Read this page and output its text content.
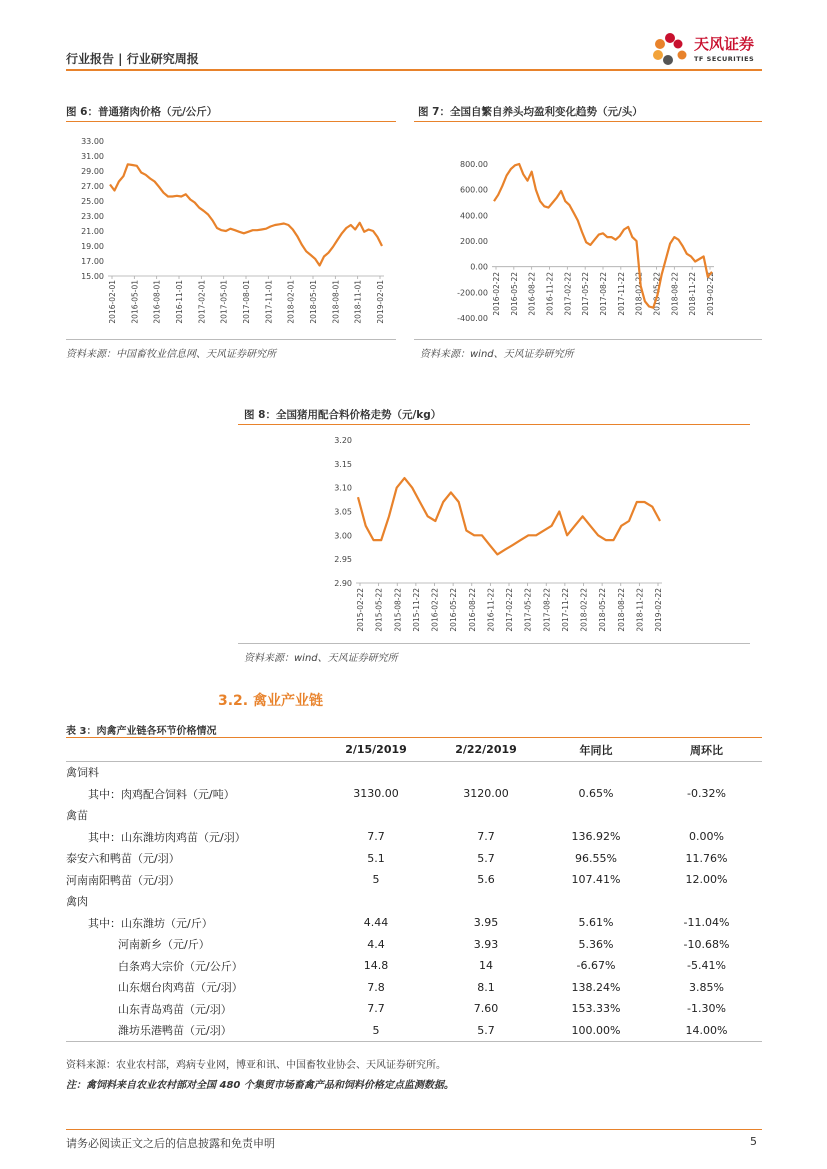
行业报告 | 行业研究周报
天风证券
TF SECURITIES
图 6：普通猪肉价格（元/公斤）
33.00
31.00
29.00
27.00
25.00
23.00
21.00
19.00
17.00
15.00
2016-02-01 2016-05-01 2016-08-01 2016-11-01 2017-02-01 2017-05-01 2017-08-01 2017-11-01 2018-02-01 2018-05-01 2018-08-01 2018-11-01 2019-02-01
资料来源：中国畜牧业信息网、天风证券研究所
图 7：全国自繁自养头均盈利变化趋势（元/头）
800.00
600.00
400.00
200.00
0.00
-200.00
-400.00
2016-02-22 2016-05-22 2016-08-22 2016-11-22 2017-02-22 2017-05-22 2017-08-22 2017-11-22 2018-02-22 2018-05-22 2018-08-22 2018-11-22 2019-02-22
资料来源：wind、天风证券研究所
图 8：全国猪用配合料价格走势（元/kg）
3.20
3.15
3.10
3.05
3.00
2.95
2.90
2015-02-22 2015-05-22 2015-08-22 2015-11-22 2016-02-22 2016-05-22 2016-08-22 2016-11-22 2017-02-22 2017-05-22 2017-08-22 2017-11-22 2018-02-22 2018-05-22 2018-08-22 2018-11-22 2019-02-22
资料来源：wind、天风证券研究所
3.2. 禽业产业链
表 3：肉禽产业链各环节价格情况
	2/15/2019	2/22/2019	年同比	周环比
禽饲料				
其中：肉鸡配合饲料（元/吨）	3130.00	3120.00	0.65%	-0.32%
禽苗				
其中：山东潍坊肉鸡苗（元/羽）	7.7	7.7	136.92%	0.00%
泰安六和鸭苗（元/羽）	5.1	5.7	96.55%	11.76%
河南南阳鸭苗（元/羽）	5	5.6	107.41%	12.00%
禽肉				
其中：山东潍坊（元/斤）	4.44	3.95	5.61%	-11.04%
河南新乡（元/斤）	4.4	3.93	5.36%	-10.68%
白条鸡大宗价（元/公斤）	14.8	14	-6.67%	-5.41%
山东烟台肉鸡苗（元/羽）	7.8	8.1	138.24%	3.85%
山东青岛鸡苗（元/羽）	7.7	7.60	153.33%	-1.30%
潍坊乐港鸭苗（元/羽）	5	5.7	100.00%	14.00%
资料来源：农业农村部，鸡病专业网，博亚和讯、中国畜牧业协会、天风证券研究所。
注：禽饲料来自农业农村部对全国 480 个集贸市场畜禽产品和饲料价格定点监测数据。
请务必阅读正文之后的信息披露和免责申明	5
